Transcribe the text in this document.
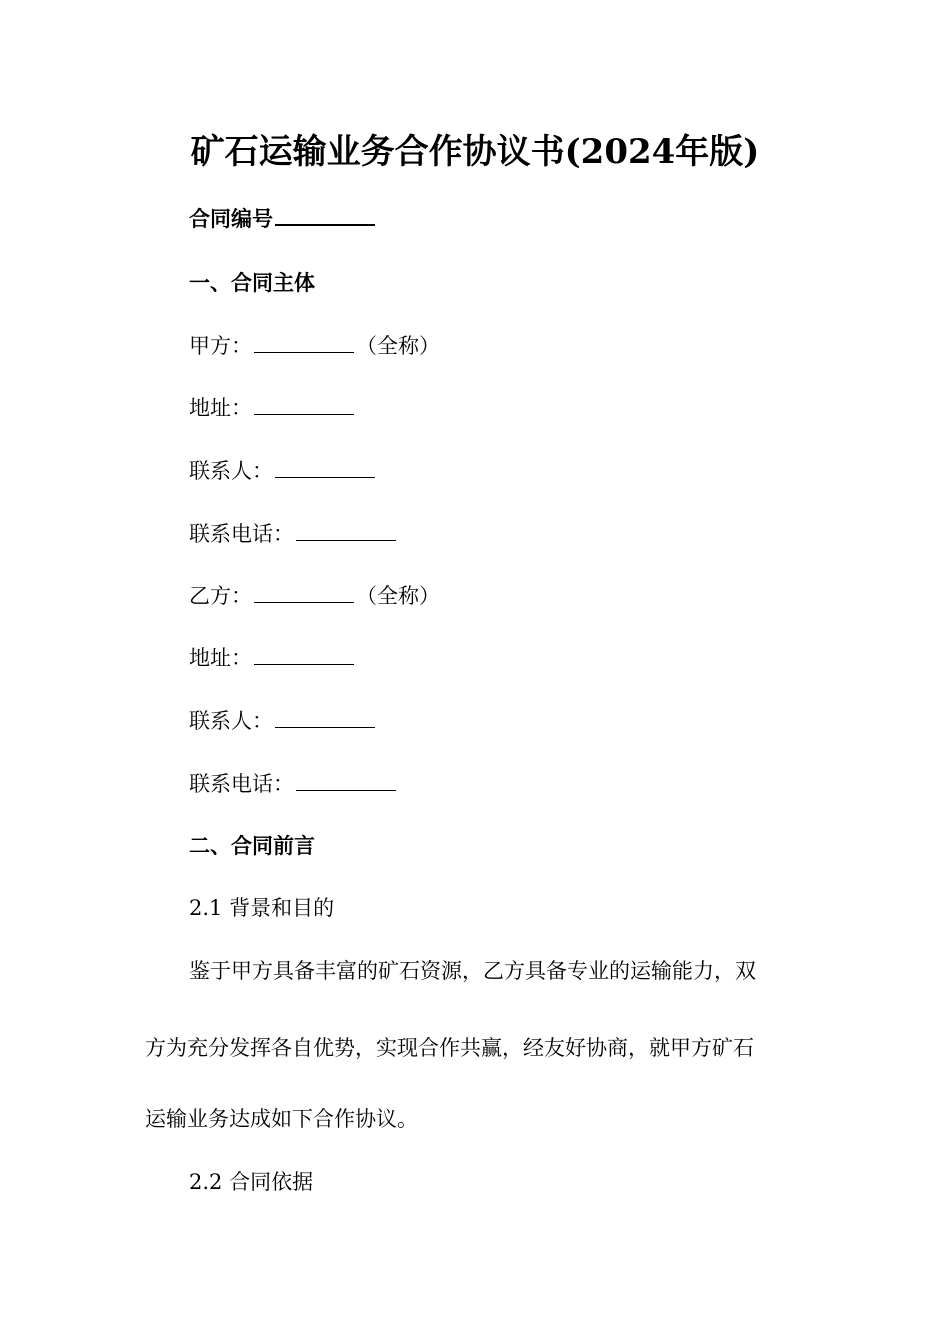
矿石运输业务合作协议书(2024年版)
合同编号
一、合同主体
甲方：	（全称）
地址：
联系人：
联系电话：
乙方：	（全称）
地址：
联系人：
联系电话：
二、合同前言
2.1 背景和目的
鉴于甲方具备丰富的矿石资源，乙方具备专业的运输能力，双
方为充分发挥各自优势，实现合作共赢，经友好协商，就甲方矿石
运输业务达成如下合作协议。
2.2 合同依据
